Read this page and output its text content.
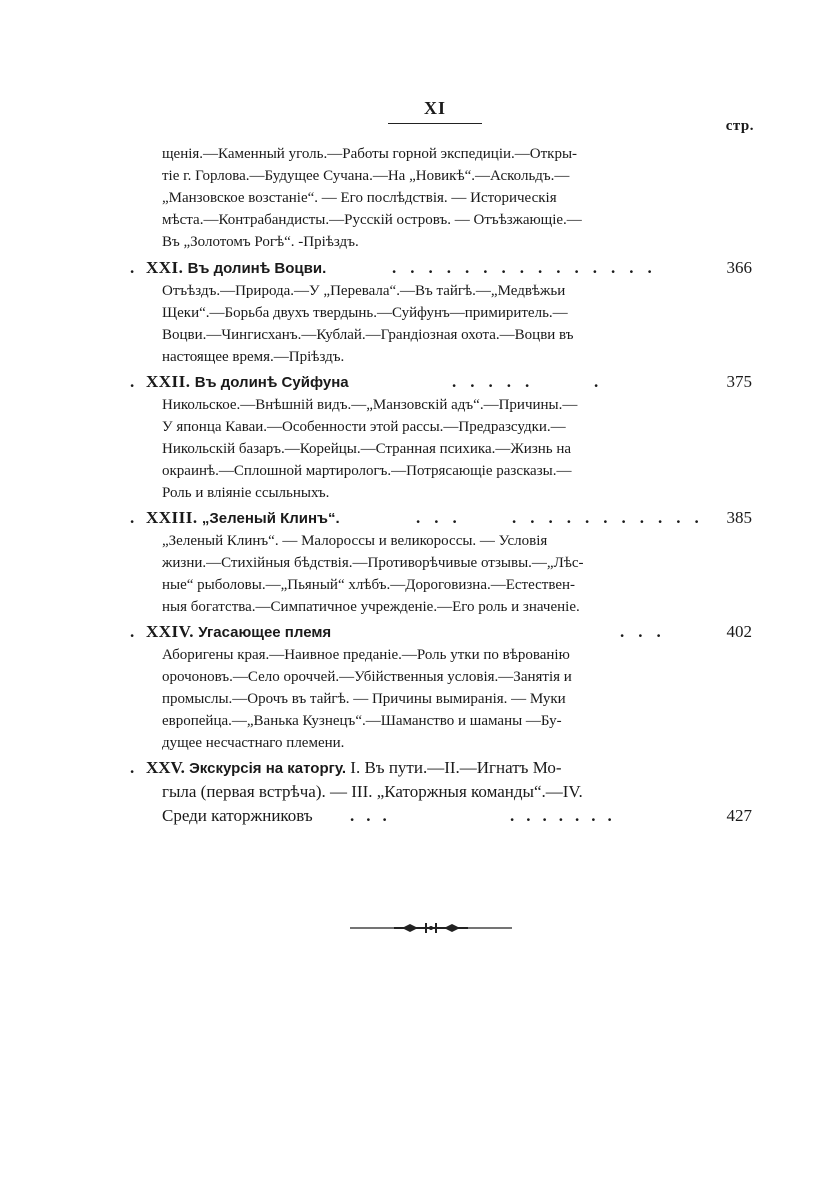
XI
стр.
щенія.—Каменный уголь.—Работы горной экспедиціи.—Откры-
тіе г. Горлова.—Будущее Сучана.—На „Новикѣ“.—Аскольдъ.—
„Манзовское возстаніе“. — Его послѣдствія. — Историческія
мѣста.—Контрабандисты.—Русскій островъ. — Отъѣзжающіе.—
Въ „Золотомъ Рогѣ“. -Пріѣздъ.
. XXI. Въ долинѣ Воцви.	...............	366
Отъѣздъ.—Природа.—У „Перевала“.—Въ тайгѣ.—„Медвѣжьи
Щеки“.—Борьба двухъ твердынь.—Суйфунъ—примиритель.—
Воцви.—Чингисханъ.—Кублай.—Грандіозная охота.—Воцви въ
настоящее время.—Пріѣздъ.
. XXII. Въ долинѣ Суйфуна	.....	.	375
Никольское.—Внѣшній видъ.—„Манзовскій адъ“.—Причины.—
У японца Каваи.—Особенности этой рассы.—Предразсудки.—
Никольскій базаръ.—Корейцы.—Странная психика.—Жизнь на
окраинѣ.—Сплошной мартирологъ.—Потрясающіе разсказы.—
Роль и вліяніе ссыльныхъ.
. XXIII. „Зеленый Клинъ“.	... ........... 385
„Зеленый Клинъ“. — Малороссы и великороссы. — Условія
жизни.—Стихійныя бѣдствія.—Противорѣчивые отзывы.—„Лѣс-
ные“ рыболовы.—„Пьяный“ хлѣбъ.—Дороговизна.—Естествен-
ныя богатства.—Симпатичное учрежденіе.—Его роль и значеніе.
. XXIV. Угасающее племя	...	402
Аборигены края.—Наивное преданіе.—Роль утки по вѣрованію
орочоновъ.—Село ороччей.—Убійственныя условія.—Занятія и
промыслы.—Орочъ въ тайгѣ. — Причины вымиранія. — Муки
европейца.—„Ванька Кузнецъ“.—Шаманство и шаманы —Бу-
дущее несчастнаго племени.
. XXV. Экскурсія на каторгу. I. Въ пути.—II.—Игнатъ Мо-
гыла (первая встрѣча). — III. „Каторжныя команды“.—IV.
Среди каторжниковъ ...	.......	427
